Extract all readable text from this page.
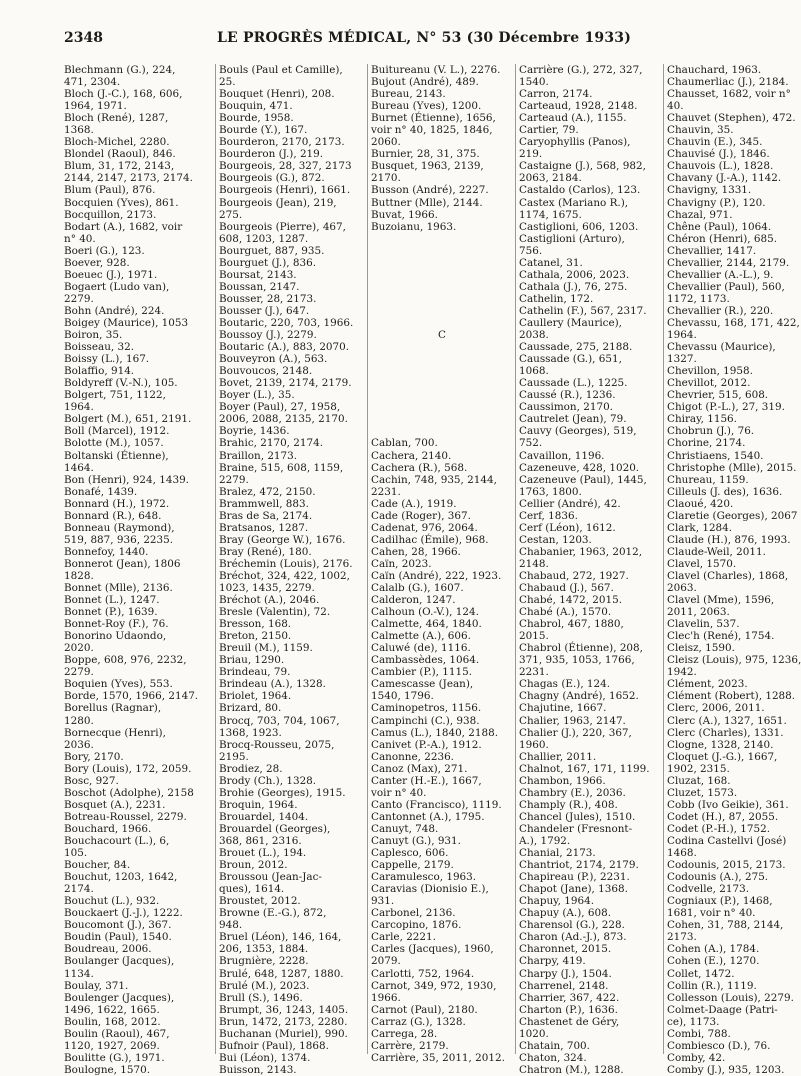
2348	LE PROGRÈS MÉDICAL, N° 53 (30 Décembre 1933)
Blechmann (G.), 224,
471, 2304.
Bloch (J.-C.), 168, 606,
1964, 1971.
Bloch (René), 1287,
1368.
Bloch-Michel, 2280.
Blondel (Raoul), 846.
Blum, 31, 172, 2143,
2144, 2147, 2173, 2174.
Blum (Paul), 876.
Bocquien (Yves), 861.
Bocquillon, 2173.
Bodart (A.), 1682, voir
n° 40.
Boeri (G.), 123.
Boever, 928.
Boeuec (J.), 1971.
Bogaert (Ludo van),
2279.
Bohn (André), 224.
Boigey (Maurice), 1053
Boiron, 35.
Boisseau, 32.
Boissy (L.), 167.
Bolaffio, 914.
Boldyreff (V.-N.), 105.
Bolgert, 751, 1122,
1964.
Bolgert (M.), 651, 2191.
Boll (Marcel), 1912.
Bolotte (M.), 1057.
Boltanski (Étienne),
1464.
Bon (Henri), 924, 1439.
Bonafé, 1439.
Bonnard (H.), 1972.
Bonnard (R.), 648.
Bonneau (Raymond),
519, 887, 936, 2235.
Bonnefoy, 1440.
Bonnerot (Jean), 1806
1828.
Bonnet (Mlle), 2136.
Bonnet (L.), 1247.
Bonnet (P.), 1639.
Bonnet-Roy (F.), 76.
Bonorino Udaondo,
2020.
Boppe, 608, 976, 2232,
2279.
Boquien (Yves), 553.
Borde, 1570, 1966, 2147.
Borellus (Ragnar),
1280.
Bornecque (Henri),
2036.
Bory, 2170.
Bory (Louis), 172, 2059.
Bosc, 927.
Boschot (Adolphe), 2158
Bosquet (A.), 2231.
Botreau-Roussel, 2279.
Bouchard, 1966.
Bouchacourt (L.), 6,
105.
Boucher, 84.
Bouchut, 1203, 1642,
2174.
Bouchut (L.), 932.
Bouckaert (J.-J.), 1222.
Boucomont (J.), 367.
Boudin (Paul), 1540.
Boudreau, 2006.
Boulanger (Jacques),
1134.
Boulay, 371.
Boulenger (Jacques),
1496, 1622, 1665.
Boulin, 168, 2012.
Boulin (Raoul), 467,
1120, 1927, 2069.
Boulitte (G.), 1971.
Boulogne, 1570.
Bouls (Paul et Camille),
25.
Bouquet (Henri), 208.
Bouquin, 471.
Bourde, 1958.
Bourde (Y.), 167.
Bourderon, 2170, 2173.
Bourderon (J.), 219.
Bourgeois, 28, 327, 2173
Bourgeois (G.), 872.
Bourgeois (Henri), 1661.
Bourgeois (Jean), 219,
275.
Bourgeois (Pierre), 467,
608, 1203, 1287.
Bourguet, 887, 935.
Bourguet (J.), 836.
Boursat, 2143.
Boussan, 2147.
Bousser, 28, 2173.
Bousser (J.), 647.
Boutaric, 220, 703, 1966.
Boussoy (J.), 2279.
Boutaric (A.), 883, 2070.
Bouveyron (A.), 563.
Bouvoucos, 2148.
Bovet, 2139, 2174, 2179.
Boyer (L.), 35.
Boyer (Paul), 27, 1958,
2006, 2088, 2135, 2170.
Boyrie, 1436.
Brahic, 2170, 2174.
Braillon, 2173.
Braine, 515, 608, 1159,
2279.
Bralez, 472, 2150.
Brammwell, 883.
Bras de Sa, 2174.
Bratsanos, 1287.
Bray (George W.), 1676.
Bray (René), 180.
Bréchemin (Louis), 2176.
Bréchot, 324, 422, 1002,
1023, 1435, 2279.
Bréchot (A.), 2046.
Bresle (Valentin), 72.
Bresson, 168.
Breton, 2150.
Breuil (M.), 1159.
Briau, 1290.
Brindeau, 79.
Brindeau (A.), 1328.
Briolet, 1964.
Brizard, 80.
Brocq, 703, 704, 1067,
1368, 1923.
Brocq-Rousseu, 2075,
2195.
Brodiez, 28.
Brody (Ch.), 1328.
Brohie (Georges), 1915.
Broquin, 1964.
Brouardel, 1404.
Brouardel (Georges),
368, 861, 2316.
Brouet (L.), 194.
Broun, 2012.
Broussou (Jean-Jac-
ques), 1614.
Broustet, 2012.
Browne (E.-G.), 872,
948.
Bruel (Léon), 146, 164,
206, 1353, 1884.
Brugnière, 2228.
Brulé, 648, 1287, 1880.
Brulé (M.), 2023.
Brull (S.), 1496.
Brumpt, 36, 1243, 1405.
Brun, 1472, 2173, 2280.
Buchanan (Muriel), 990.
Bufnoir (Paul), 1868.
Bui (Léon), 1374.
Buisson, 2143.
Buitureanu (V. L.), 2276.
Bujout (André), 489.
Bureau, 2143.
Bureau (Yves), 1200.
Burnet (Étienne), 1656,
voir n° 40, 1825, 1846,
2060.
Burnier, 28, 31, 375.
Busquet, 1963, 2139,
2170.
Busson (André), 2227.
Buttner (Mlle), 2144.
Buvat, 1966.
Buzoianu, 1963.
C
Cablan, 700.
Cachera, 2140.
Cachera (R.), 568.
Cachin, 748, 935, 2144,
2231.
Cade (A.), 1919.
Cade (Roger), 367.
Cadenat, 976, 2064.
Cadilhac (Émile), 968.
Cahen, 28, 1966.
Caïn, 2023.
Caïn (André), 222, 1923.
Calalb (G.), 1607.
Calderon, 1247.
Calhoun (O.-V.), 124.
Calmette, 464, 1840.
Calmette (A.), 606.
Caluwé (de), 1116.
Cambassèdes, 1064.
Cambier (P.), 1115.
Camescasse (Jean),
1540, 1796.
Caminopetros, 1156.
Campinchi (C.), 938.
Camus (L.), 1840, 2188.
Canivet (P.-A.), 1912.
Canonne, 2236.
Canoz (Max), 271.
Canter (H.-E.), 1667,
voir n° 40.
Canto (Francisco), 1119.
Cantonnet (A.), 1795.
Canuyt, 748.
Canuyt (G.), 931.
Caplesco, 606.
Cappelle, 2179.
Caramulesco, 1963.
Caravias (Dionisio E.),
931.
Carbonel, 2136.
Carcopino, 1876.
Carle, 2221.
Carles (Jacques), 1960,
2079.
Carlotti, 752, 1964.
Carnot, 349, 972, 1930,
1966.
Carnot (Paul), 2180.
Carraz (G.), 1328.
Carrega, 28.
Carrère, 2179.
Carrière, 35, 2011, 2012.
Carrière (G.), 272, 327,
1540.
Carron, 2174.
Carteaud, 1928, 2148.
Carteaud (A.), 1155.
Cartier, 79.
Caryophyllis (Panos),
219.
Castaigne (J.), 568, 982,
2063, 2184.
Castaldo (Carlos), 123.
Castex (Mariano R.),
1174, 1675.
Castiglioni, 606, 1203.
Castiglioni (Arturo),
756.
Catanel, 31.
Cathala, 2006, 2023.
Cathala (J.), 76, 275.
Cathelin, 172.
Cathelin (F.), 567, 2317.
Caullery (Maurice),
2038.
Caussade, 275, 2188.
Caussade (G.), 651,
1068.
Caussade (L.), 1225.
Caussé (R.), 1236.
Caussimon, 2170.
Cautrelet (Jean), 79.
Cauvy (Georges), 519,
752.
Cavaillon, 1196.
Cazeneuve, 428, 1020.
Cazeneuve (Paul), 1445,
1763, 1800.
Cellier (André), 42.
Cerf, 1836.
Cerf (Léon), 1612.
Cestan, 1203.
Chabanier, 1963, 2012,
2148.
Chabaud, 272, 1927.
Chabaud (J.), 567.
Chabé, 1472, 2015.
Chabé (A.), 1570.
Chabrol, 467, 1880,
2015.
Chabrol (Étienne), 208,
371, 935, 1053, 1766,
2231.
Chagas (E.), 124.
Chagny (André), 1652.
Chajutine, 1667.
Chalier, 1963, 2147.
Chalier (J.), 220, 367,
1960.
Challier, 2011.
Chalnot, 167, 171, 1199.
Chambon, 1966.
Chambry (E.), 2036.
Champly (R.), 408.
Chancel (Jules), 1510.
Chandeler (Fresnont-
A.), 1792.
Chanial, 2173.
Chantriot, 2174, 2179.
Chapireau (P.), 2231.
Chapot (Jane), 1368.
Chapuy, 1964.
Chapuy (A.), 608.
Charensol (G.), 228.
Charon (Ad.-J.), 873.
Charonnet, 2015.
Charpy, 419.
Charpy (J.), 1504.
Charrenel, 2148.
Charrier, 367, 422.
Charton (P.), 1636.
Chastenet de Géry,
1020.
Chatain, 700.
Chaton, 324.
Chatron (M.), 1288.
Chauchard, 1963.
Chaumerliac (J.), 2184.
Chausset, 1682, voir n°
40.
Chauvet (Stephen), 472.
Chauvin, 35.
Chauvin (E.), 345.
Chauvisé (J.), 1846.
Chauvois (L.), 1828.
Chavany (J.-A.), 1142.
Chavigny, 1331.
Chavigny (P.), 120.
Chazal, 971.
Chêne (Paul), 1064.
Chéron (Henri), 685.
Chevallier, 1417.
Chevallier, 2144, 2179.
Chevallier (A.-L.), 9.
Chevallier (Paul), 560,
1172, 1173.
Chevallier (R.), 220.
Chevassu, 168, 171, 422,
1964.
Chevassu (Maurice),
1327.
Chevillon, 1958.
Chevillot, 2012.
Chevrier, 515, 608.
Chigot (P.-L.), 27, 319.
Chiray, 1156.
Chobrun (J.), 76.
Chorine, 2174.
Christiaens, 1540.
Christophe (Mlle), 2015.
Chureau, 1159.
Cilleuls (J. des), 1636.
Claoué, 420.
Claretie (Georges), 2067
Clark, 1284.
Claude (H.), 876, 1993.
Claude-Weil, 2011.
Clavel, 1570.
Clavel (Charles), 1868,
2063.
Clavel (Mme), 1596,
2011, 2063.
Clavelin, 537.
Clec'h (René), 1754.
Cleisz, 1590.
Cleisz (Louis), 975, 1236,
1942.
Clément, 2023.
Clément (Robert), 1288.
Clerc, 2006, 2011.
Clerc (A.), 1327, 1651.
Clerc (Charles), 1331.
Clogne, 1328, 2140.
Cloquet (J.-G.), 1667,
1902, 2315.
Cluzat, 168.
Cluzet, 1573.
Cobb (Ivo Geikie), 361.
Codet (H.), 87, 2055.
Codet (P.-H.), 1752.
Codina Castellvi (José)
1468.
Codounis, 2015, 2173.
Codounis (A.), 275.
Codvelle, 2173.
Cogniaux (P.), 1468,
1681, voir n° 40.
Cohen, 31, 788, 2144,
2173.
Cohen (A.), 1784.
Cohen (E.), 1270.
Collet, 1472.
Collin (R.), 1119.
Collesson (Louis), 2279.
Colmet-Daage (Patri-
ce), 1173.
Combi, 788.
Combiesco (D.), 76.
Comby, 42.
Comby (J.), 935, 1203.
